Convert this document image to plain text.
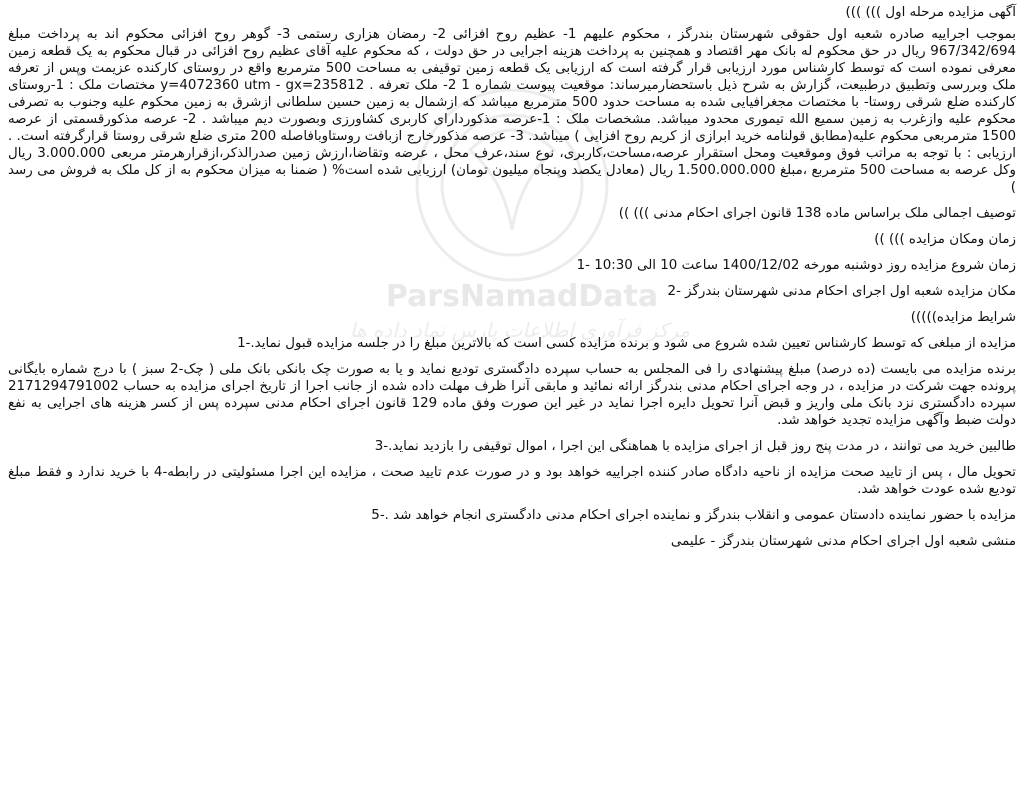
ParsNamadData
مرکز فرآوری اطلاعات پارس نماد داده ها

آگهی مزایده مرحله اول ))) )))

بموجب اجراییه صادره شعبه اول حقوقی شهرستان بندرگز ، محکوم علیهم 1- عظیم روح افزائی 2- رمضان هزاری رستمی 3- گوهر روح افزائی محکوم اند به پرداخت مبلغ 967/342/694 ریال در حق محکوم له بانک مهر اقتصاد و همچنین به پرداخت هزینه اجرایی در حق دولت ، که محکوم علیه آقای عظیم روح افزائی در قبال محکوم به یک قطعه زمین معرفی نموده است که توسط کارشناس مورد ارزیابی قرار گرفته است که ارزیابی یک قطعه زمین توقیفی به مساحت 500 مترمربع واقع در روستای کارکنده عزیمت وپس از تعرفه ملک وبررسی وتطبیق درطبیعت، گزارش به شرح ذیل باستحضارمیرساند: موقعیت پیوست شماره 1 2- ملک تعرفه . y=4072360 utm - gx=235812 مختصات ملک : 1-روستای کارکنده ضلع شرقی روستا- با مختصات مجغرافیایی شده به مساحت حدود 500 مترمربع میباشد که ازشمال به زمین حسین سلطانی ازشرق به زمین محکوم علیه وجنوب به تصرفی محکوم علیه وازغرب به زمین سمیع الله تیموری محدود میباشد. مشخصات ملک : 1-عرصه مذکوردارای کاربری کشاورزی وبصورت دیم میباشد . 2- عرصه مذکورقسمتی از عرصه 1500 مترمربعی محکوم علیه(مطابق قولنامه خرید ابرازی از کریم روح افزایی ) میباشد. 3- عرصه مذکورخارج ازبافت روستاوبافاصله 200 متری ضلع شرقی روستا قرارگرفته است. . ارزیابی : با توجه به مراتب فوق وموقعیت ومحل استقرار عرصه،مساحت،کاربری، نوع سند،عرف محل ، عرضه وتقاضا،ارزش زمین صدرالذکر،ازقرارهرمتر مربعی 3.000.000 ریال وکل عرصه به مساحت 500 مترمربع ،مبلغ 1.500.000.000 ریال (معادل یکصد وپنجاه میلیون تومان) ارزیابی شده است% ( ضمنا به میزان محکوم به از کل ملک به فروش می رسد )

توصیف اجمالی ملک براساس ماده 138 قانون اجرای احکام مدنی ))) ))

زمان ومکان مزایده ))) ))

زمان شروع مزایده روز دوشنبه مورخه 1400/12/02 ساعت 10 الی 10:30 -1

مکان مزایده شعبه اول اجرای احکام مدنی شهرستان بندرگز -2

شرایط مزایده)))))

مزایده از مبلغی که توسط کارشناس تعیین شده شروع می شود و برنده مزایده کسی است که بالاترین مبلغ را در جلسه مزایده قبول نماید.-1

برنده مزایده می بایست (ده درصد) مبلغ پیشنهادی را فی المجلس به حساب سپرده دادگستری تودیع نماید و یا به صورت چک بانکی بانک ملی ( چک-2 سبز ) با درج شماره بایگانی پرونده جهت شرکت در مزایده ، در وجه اجرای احکام مدنی بندرگز ارائه نمائید و مابقی آنرا ظرف مهلت داده شده از جانب اجرا از تاریخ اجرای مزایده به حساب 2171294791002 سپرده دادگستری نزد بانک ملی واریز و قبض آنرا تحویل دایره اجرا نماید در غیر این صورت وفق ماده 129 قانون اجرای احکام مدنی سپرده پس از کسر هزینه های اجرایی به نفع دولت ضبط وآگهی مزایده تجدید خواهد شد.

طالبین خرید می توانند ، در مدت پنج روز قبل از اجرای مزایده با هماهنگی این اجرا ، اموال توقیفی را بازدید نماید.-3

تحویل مال ، پس از تایید صحت مزایده از ناحیه دادگاه صادر کننده اجراییه خواهد بود و در صورت عدم تایید صحت ، مزایده این اجرا مسئولیتی در رابطه-4 با خرید ندارد و فقط مبلغ تودیع شده عودت خواهد شد.

مزایده با حضور نماینده دادستان عمومی و انقلاب بندرگز و نماینده اجرای احکام مدنی دادگستری انجام خواهد شد .-5

منشی شعبه اول اجرای احکام مدنی شهرستان بندرگز - علیمی
